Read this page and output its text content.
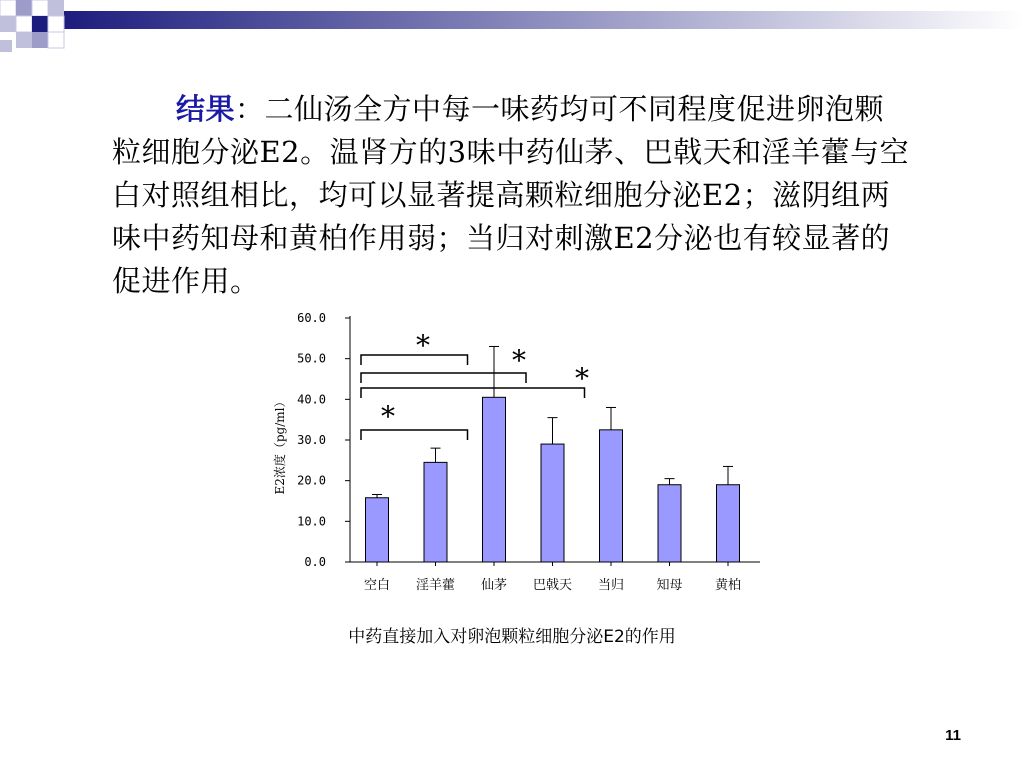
结果：二仙汤全方中每一味药均可不同程度促进卵泡颗粒细胞分泌E2。温肾方的3味中药仙茅、巴戟天和淫羊藿与空白对照组相比，均可以显著提高颗粒细胞分泌E2；滋阴组两味中药知母和黄柏作用弱；当归对刺激E2分泌也有较显著的促进作用。
0.0
10.0
20.0
30.0
40.0
50.0
60.0
E2浓度（pg/ml）
空白 淫羊藿 仙茅 巴戟天 当归 知母 黄柏
*
*	*
*
中药直接加入对卵泡颗粒细胞分泌E2的作用
11
